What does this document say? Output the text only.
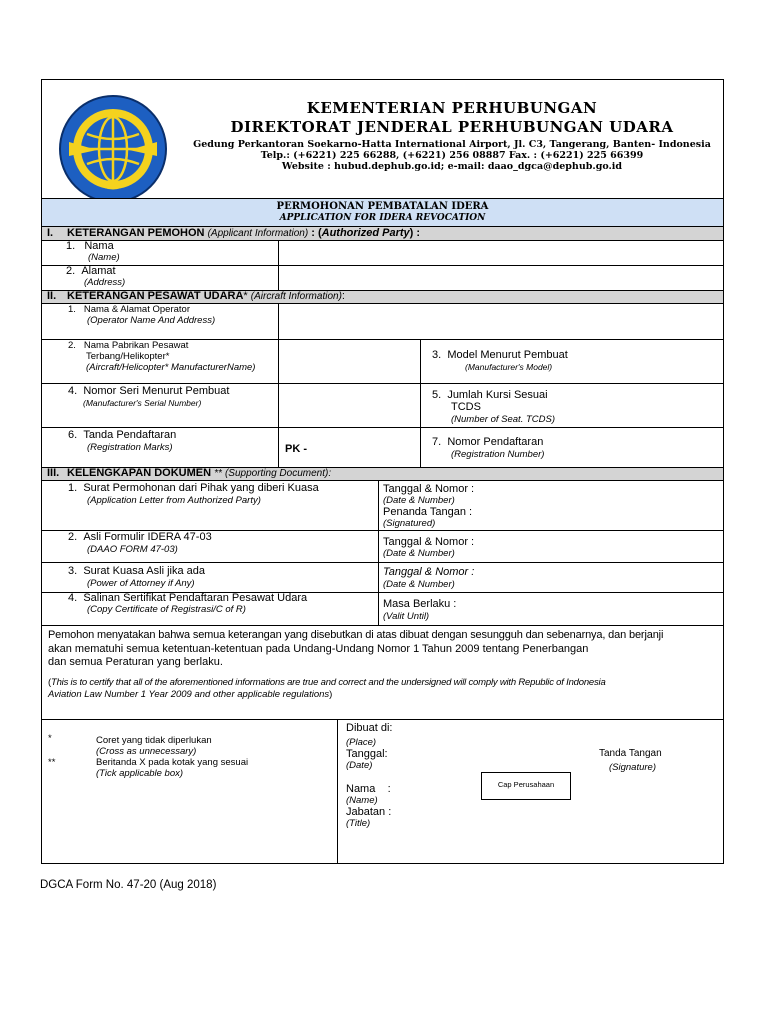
KEMENTERIAN PERHUBUNGAN
DIREKTORAT JENDERAL PERHUBUNGAN UDARA
Gedung Perkantoran Soekarno-Hatta International Airport, Jl. C3, Tangerang, Banten- Indonesia
Telp.: (+6221) 225 66288, (+6221) 256 08887 Fax. : (+6221) 225 66399
Website : hubud.dephub.go.id; e-mail: daao_dgca@dephub.go.id
PERMOHONAN PEMBATALAN IDERA
APPLICATION FOR IDERA REVOCATION
I. KETERANGAN PEMOHON (Applicant Information) : (Authorized Party) :
1. Nama
(Name)
2. Alamat
(Address)
II. KETERANGAN PESAWAT UDARA* (Aircraft Information):
1. Nama & Alamat Operator
(Operator Name And Address)
2. Nama Pabrikan Pesawat
Terbang/Helikopter*
(Aircraft/Helicopter* ManufacturerName)
3. Model Menurut Pembuat
(Manufacturer's Model)
4. Nomor Seri Menurut Pembuat
(Manufacturer's Serial Number)
5. Jumlah Kursi Sesuai
TCDS
(Number of Seat. TCDS)
6. Tanda Pendaftaran
(Registration Marks)	PK -
7. Nomor Pendaftaran
(Registration Number)
III. KELENGKAPAN DOKUMEN ** (Supporting Document):
1. Surat Permohonan dari Pihak yang diberi Kuasa
(Application Letter from Authorized Party)
Tanggal & Nomor :
(Date & Number)
Penanda Tangan :
(Signatured)
2. Asli Formulir IDERA 47-03
(DAAO FORM 47-03)
Tanggal & Nomor :
(Date & Number)
3. Surat Kuasa Asli jika ada
(Power of Attorney if Any)
Tanggal & Nomor :
(Date & Number)
4. Salinan Sertifikat Pendaftaran Pesawat Udara
(Copy Certificate of Registrasi/C of R)	Masa Berlaku :
(Valit Until)
Pemohon menyatakan bahwa semua keterangan yang disebutkan di atas dibuat dengan sesungguh dan sebenarnya, dan berjanji
akan mematuhi semua ketentuan-ketentuan pada Undang-Undang Nomor 1 Tahun 2009 tentang Penerbangan
dan semua Peraturan yang berlaku.
(This is to certify that all of the aforementioned informations are true and correct and the undersigned will comply with Republic of Indonesia
Aviation Law Number 1 Year 2009 and other applicable regulations)
*	Coret yang tidak diperlukan
(Cross as unnecessary)
**	Beritanda X pada kotak yang sesuai
(Tick applicable box)
Dibuat di:
(Place)
Tanggal:
(Date)
Nama :
(Name)
Jabatan :
(Title)
Cap Perusahaan
Tanda Tangan
(Signature)
DGCA Form No. 47-20 (Aug 2018)
